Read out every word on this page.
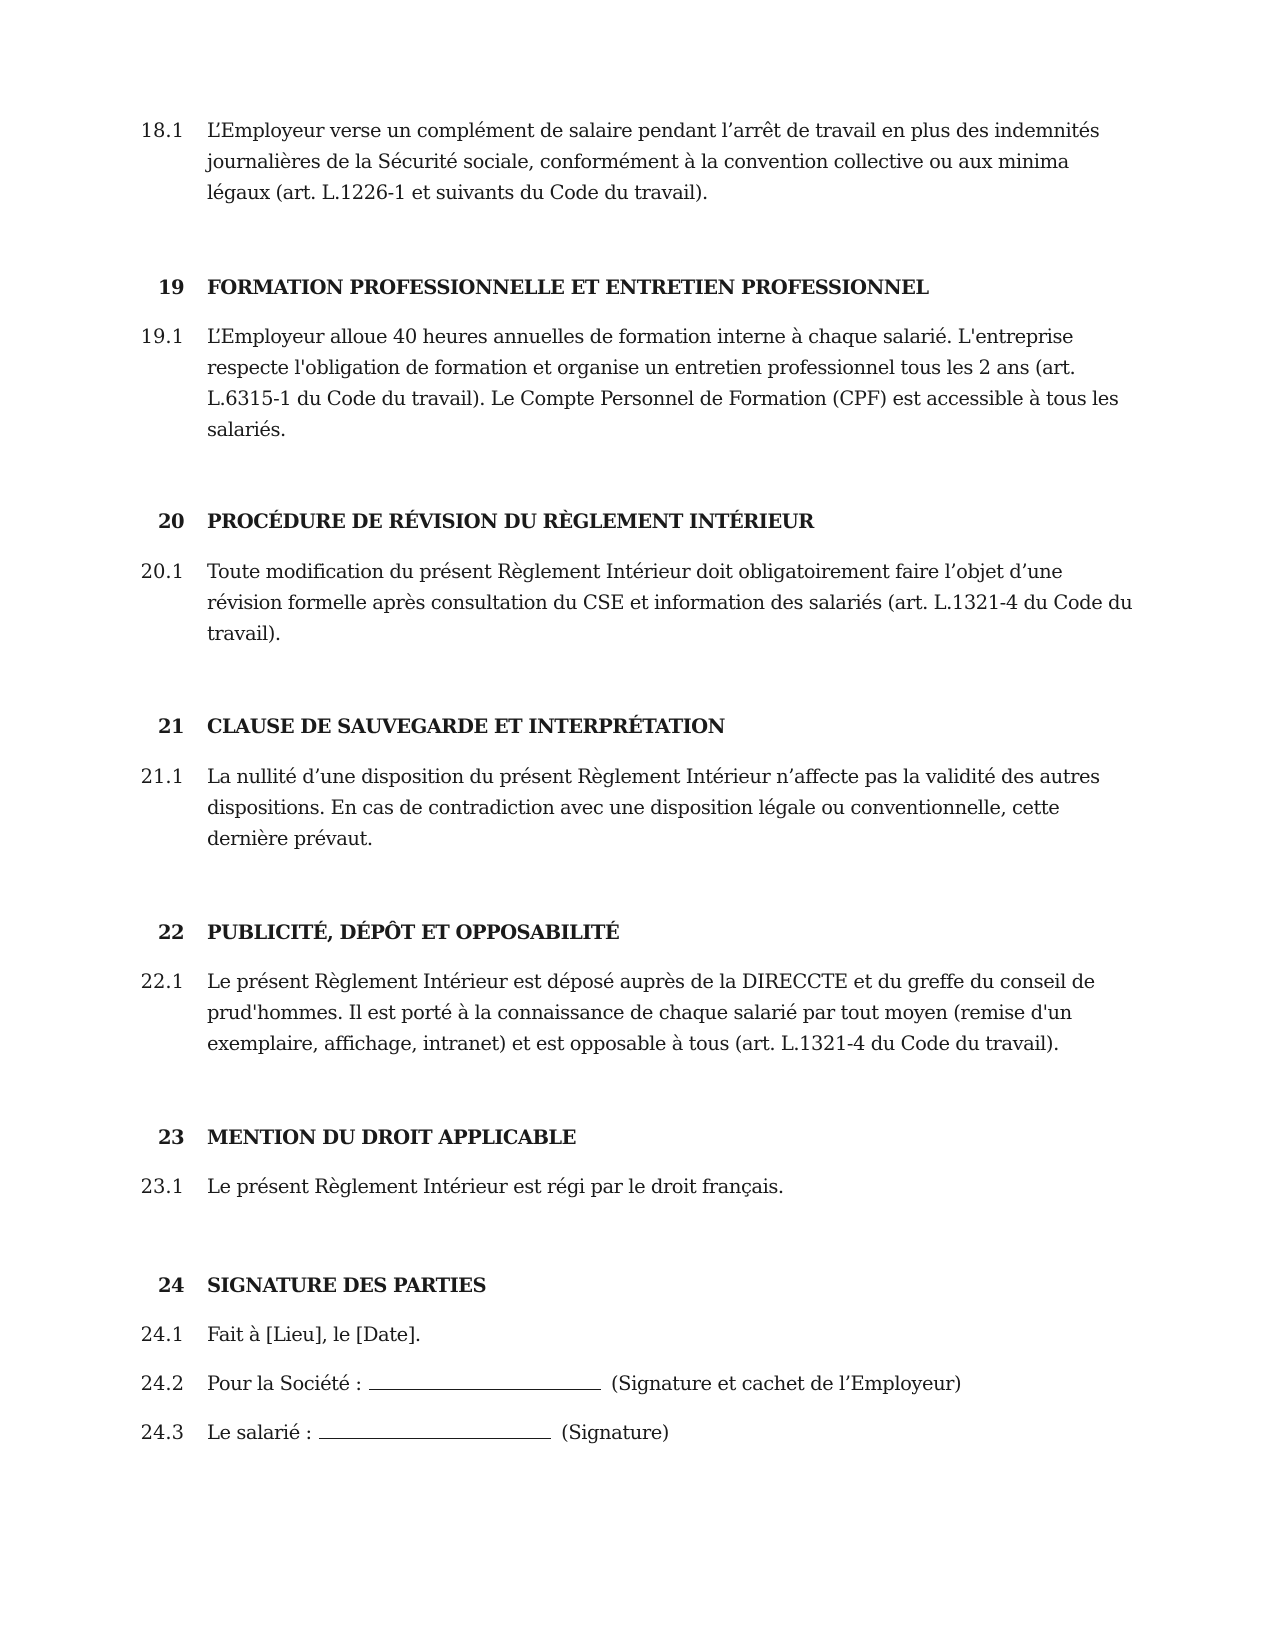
18.1 L’Employeur verse un complément de salaire pendant l’arrêt de travail en plus des indemnités journalières de la Sécurité sociale, conformément à la convention collective ou aux minima légaux (art. L.1226-1 et suivants du Code du travail).
19 FORMATION PROFESSIONNELLE ET ENTRETIEN PROFESSIONNEL
19.1 L’Employeur alloue 40 heures annuelles de formation interne à chaque salarié. L'entreprise respecte l'obligation de formation et organise un entretien professionnel tous les 2 ans (art. L.6315-1 du Code du travail). Le Compte Personnel de Formation (CPF) est accessible à tous les salariés.
20 PROCÉDURE DE RÉVISION DU RÈGLEMENT INTÉRIEUR
20.1 Toute modification du présent Règlement Intérieur doit obligatoirement faire l’objet d’une révision formelle après consultation du CSE et information des salariés (art. L.1321-4 du Code du travail).
21 CLAUSE DE SAUVEGARDE ET INTERPRÉTATION
21.1 La nullité d’une disposition du présent Règlement Intérieur n’affecte pas la validité des autres dispositions. En cas de contradiction avec une disposition légale ou conventionnelle, cette dernière prévaut.
22 PUBLICITÉ, DÉPÔT ET OPPOSABILITÉ
22.1 Le présent Règlement Intérieur est déposé auprès de la DIRECCTE et du greffe du conseil de prud'hommes. Il est porté à la connaissance de chaque salarié par tout moyen (remise d'un exemplaire, affichage, intranet) et est opposable à tous (art. L.1321-4 du Code du travail).
23 MENTION DU DROIT APPLICABLE
23.1 Le présent Règlement Intérieur est régi par le droit français.
24 SIGNATURE DES PARTIES
24.1 Fait à [Lieu], le [Date].
24.2 Pour la Société :	(Signature et cachet de l’Employeur)
24.3 Le salarié :	(Signature)
